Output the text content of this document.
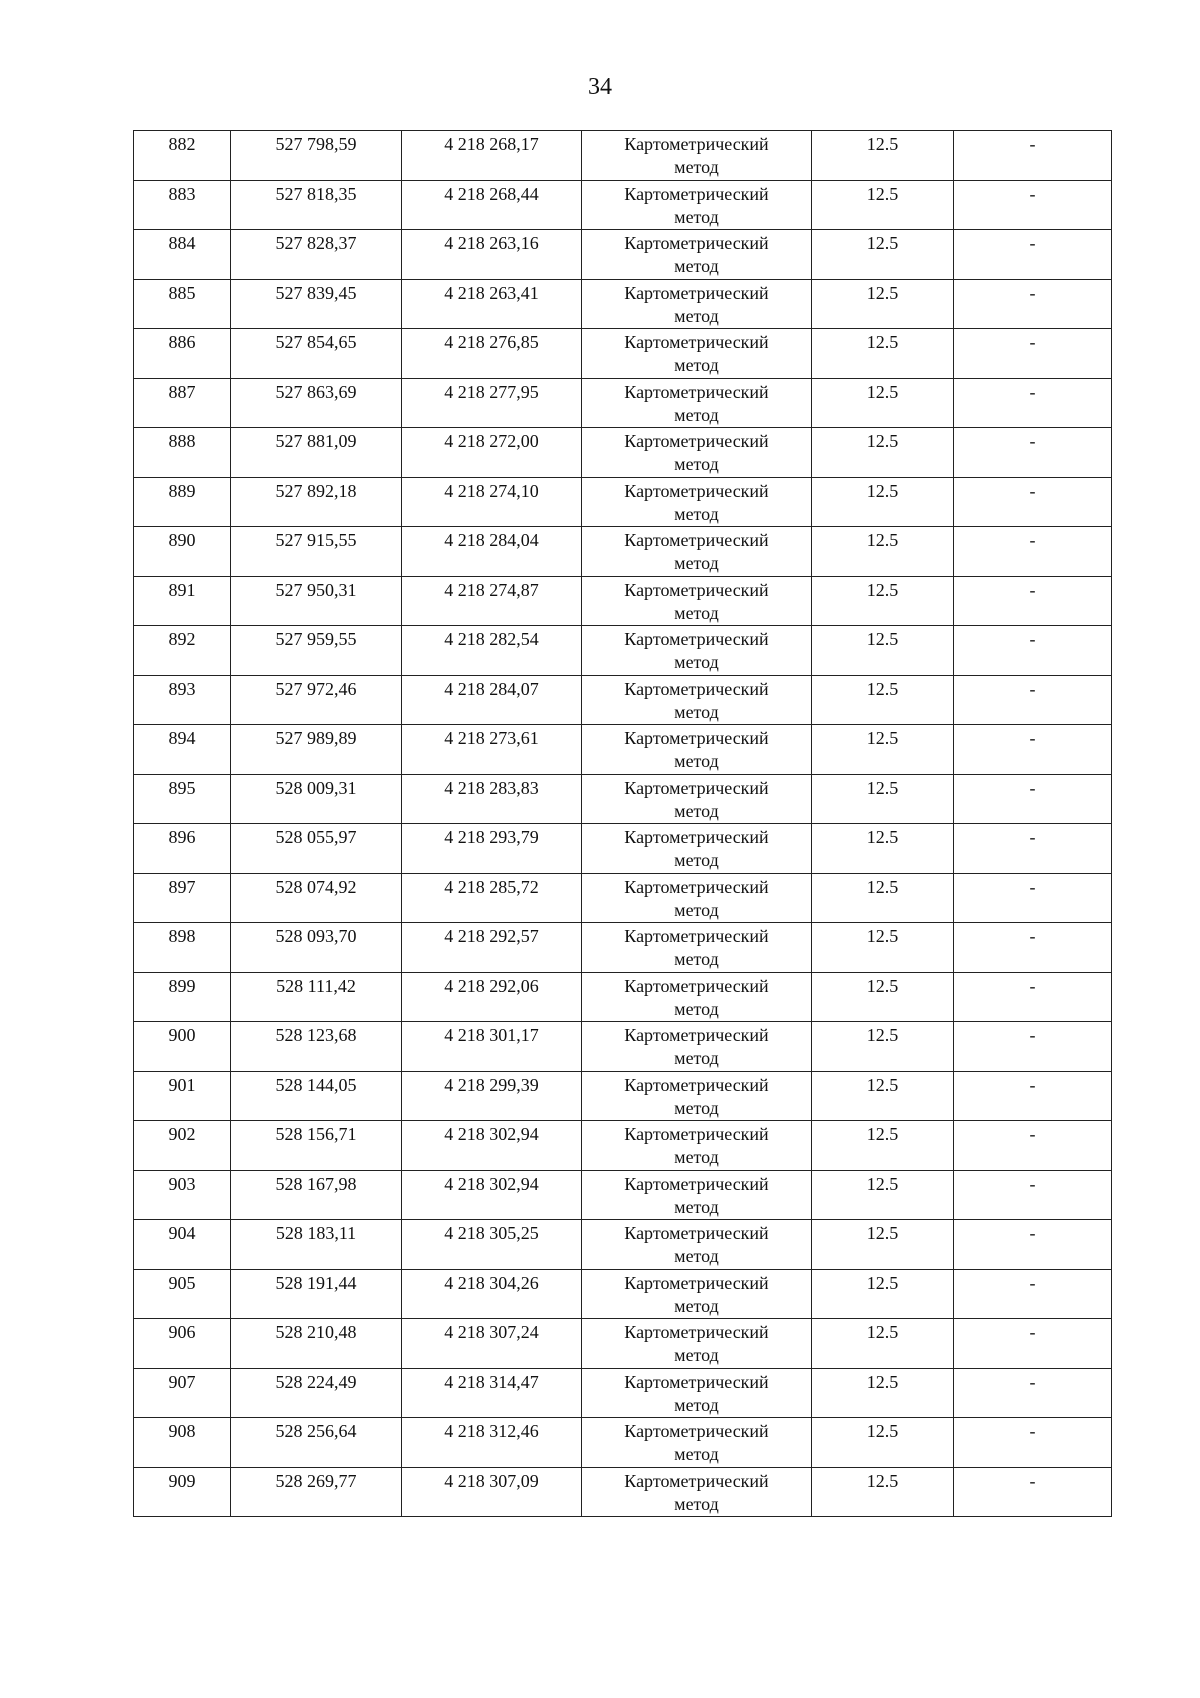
34
882	527 798,59	4 218 268,17	Картометрический метод	12.5	-
883	527 818,35	4 218 268,44	Картометрический метод	12.5	-
884	527 828,37	4 218 263,16	Картометрический метод	12.5	-
885	527 839,45	4 218 263,41	Картометрический метод	12.5	-
886	527 854,65	4 218 276,85	Картометрический метод	12.5	-
887	527 863,69	4 218 277,95	Картометрический метод	12.5	-
888	527 881,09	4 218 272,00	Картометрический метод	12.5	-
889	527 892,18	4 218 274,10	Картометрический метод	12.5	-
890	527 915,55	4 218 284,04	Картометрический метод	12.5	-
891	527 950,31	4 218 274,87	Картометрический метод	12.5	-
892	527 959,55	4 218 282,54	Картометрический метод	12.5	-
893	527 972,46	4 218 284,07	Картометрический метод	12.5	-
894	527 989,89	4 218 273,61	Картометрический метод	12.5	-
895	528 009,31	4 218 283,83	Картометрический метод	12.5	-
896	528 055,97	4 218 293,79	Картометрический метод	12.5	-
897	528 074,92	4 218 285,72	Картометрический метод	12.5	-
898	528 093,70	4 218 292,57	Картометрический метод	12.5	-
899	528 111,42	4 218 292,06	Картометрический метод	12.5	-
900	528 123,68	4 218 301,17	Картометрический метод	12.5	-
901	528 144,05	4 218 299,39	Картометрический метод	12.5	-
902	528 156,71	4 218 302,94	Картометрический метод	12.5	-
903	528 167,98	4 218 302,94	Картометрический метод	12.5	-
904	528 183,11	4 218 305,25	Картометрический метод	12.5	-
905	528 191,44	4 218 304,26	Картометрический метод	12.5	-
906	528 210,48	4 218 307,24	Картометрический метод	12.5	-
907	528 224,49	4 218 314,47	Картометрический метод	12.5	-
908	528 256,64	4 218 312,46	Картометрический метод	12.5	-
909	528 269,77	4 218 307,09	Картометрический метод	12.5	-
